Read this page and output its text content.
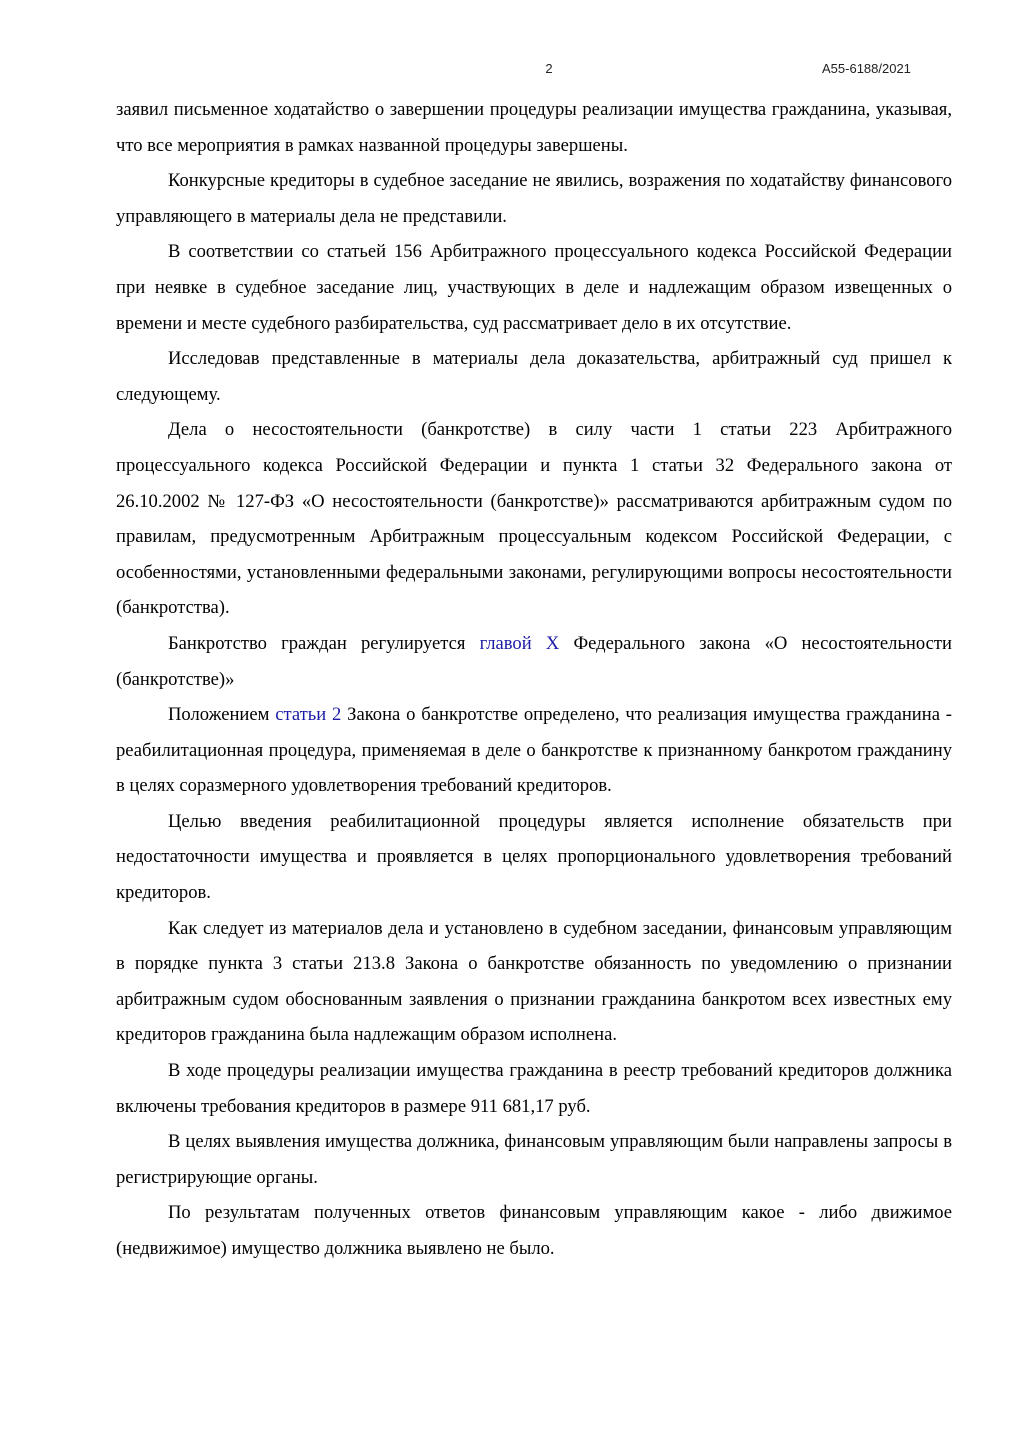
2	А55-6188/2021

заявил письменное ходатайство о завершении процедуры реализации имущества гражданина, указывая, что все мероприятия в рамках названной процедуры завершены.

Конкурсные кредиторы в судебное заседание не явились, возражения по ходатайству финансового управляющего в материалы дела не представили.

В соответствии со статьей 156 Арбитражного процессуального кодекса Российской Федерации при неявке в судебное заседание лиц, участвующих в деле и надлежащим образом извещенных о времени и месте судебного разбирательства, суд рассматривает дело в их отсутствие.

Исследовав представленные в материалы дела доказательства, арбитражный суд пришел к следующему.

Дела о несостоятельности (банкротстве) в силу части 1 статьи 223 Арбитражного процессуального кодекса Российской Федерации и пункта 1 статьи 32 Федерального закона от 26.10.2002 № 127-ФЗ «О несостоятельности (банкротстве)» рассматриваются арбитражным судом по правилам, предусмотренным Арбитражным процессуальным кодексом Российской Федерации, с особенностями, установленными федеральными законами, регулирующими вопросы несостоятельности (банкротства).

Банкротство граждан регулируется главой X Федерального закона «О несостоятельности (банкротстве)»

Положением статьи 2 Закона о банкротстве определено, что реализация имущества гражданина - реабилитационная процедура, применяемая в деле о банкротстве к признанному банкротом гражданину в целях соразмерного удовлетворения требований кредиторов.

Целью введения реабилитационной процедуры является исполнение обязательств при недостаточности имущества и проявляется в целях пропорционального удовлетворения требований кредиторов.

Как следует из материалов дела и установлено в судебном заседании, финансовым управляющим в порядке пункта 3 статьи 213.8 Закона о банкротстве обязанность по уведомлению о признании арбитражным судом обоснованным заявления о признании гражданина банкротом всех известных ему кредиторов гражданина была надлежащим образом исполнена.

В ходе процедуры реализации имущества гражданина в реестр требований кредиторов должника включены требования кредиторов в размере 911 681,17 руб.

В целях выявления имущества должника, финансовым управляющим были направлены запросы в регистрирующие органы.

По результатам полученных ответов финансовым управляющим какое - либо движимое (недвижимое) имущество должника выявлено не было.
